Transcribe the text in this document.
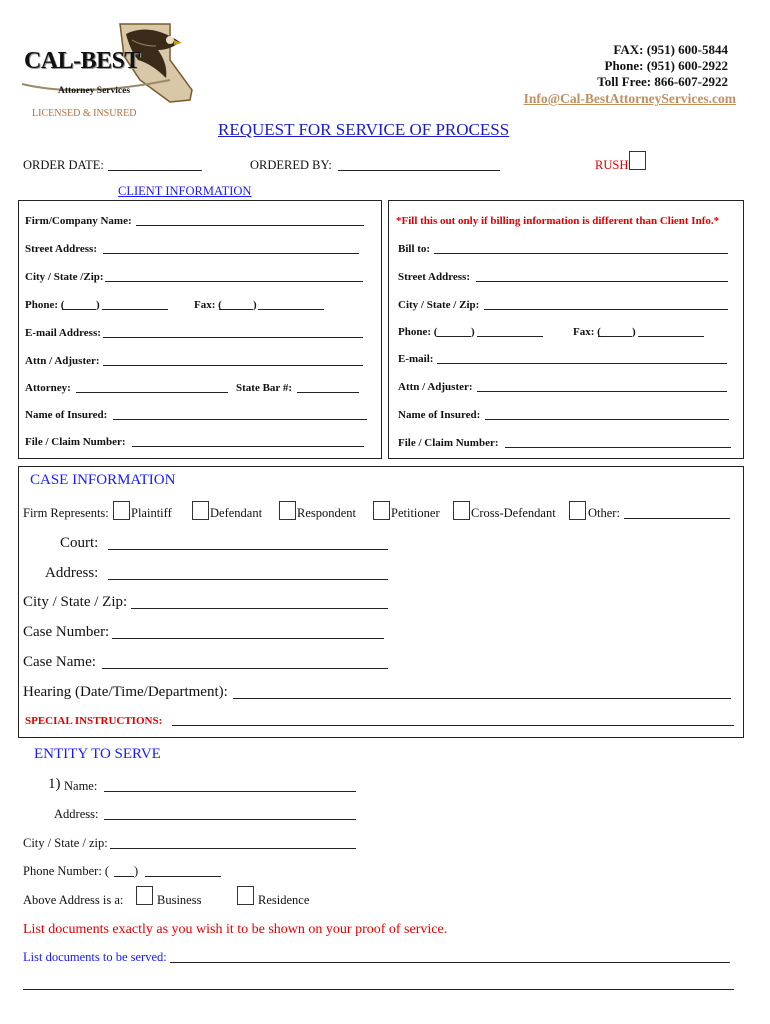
CAL-BEST
Attorney Services
LICENSED & INSURED
FAX: (951) 600-5844
Phone: (951) 600-2922
Toll Free: 866-607-2922
Info@Cal-BestAttorneyServices.com
REQUEST FOR SERVICE OF PROCESS
ORDER DATE:	ORDERED BY:	RUSH
CLIENT INFORMATION
Firm/Company Name:
Street Address:
City / State /Zip:
Phone: (	)	Fax: (	)
E-mail Address:
Attn / Adjuster:
Attorney:	State Bar #:
Name of Insured:
File / Claim Number:
*Fill this out only if billing information is different than Client Info.*
Bill to:
Street Address:
City / State / Zip:
Phone: (	)	Fax: (	)
E-mail:
Attn / Adjuster:
Name of Insured:
File / Claim Number:
CASE INFORMATION
Firm Represents: Plaintiff	Defendant	Respondent	Petitioner	Cross-Defendant	Other:
Court:
Address:
City / State / Zip:
Case Number:
Case Name:
Hearing (Date/Time/Department):
SPECIAL INSTRUCTIONS:
ENTITY TO SERVE
1) Name:
Address:
City / State / zip:
Phone Number: ( )
Above Address is a:	Business	Residence
List documents exactly as you wish it to be shown on your proof of service.
List documents to be served:
